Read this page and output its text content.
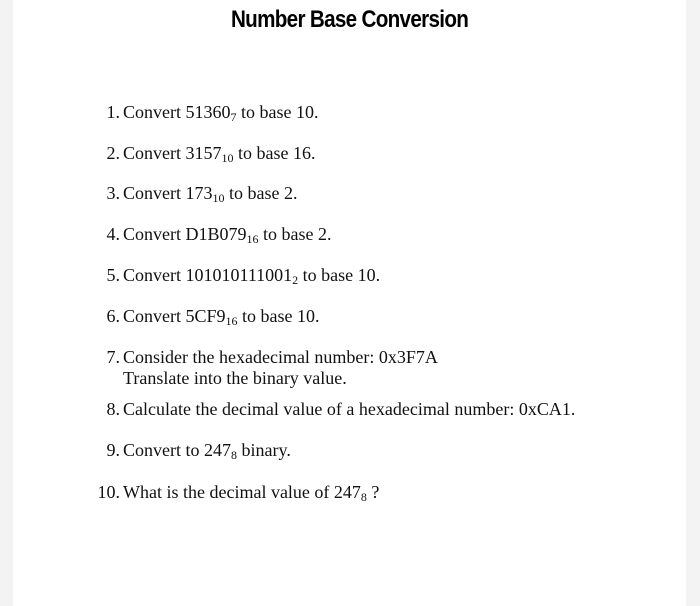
Number Base Conversion
1. Convert $51360_7$ to base 10.
2. Convert $3157_{10}$ to base 16.
3. Convert $173_{10}$ to base 2.
4. Convert $D1B079_{16}$ to base 2.
5. Convert $101010111001_2$ to base 10.
6. Convert $5CF9_{16}$ to base 10.
7. Consider the hexadecimal number: 0x3F7A
Translate into the binary value.
8. Calculate the decimal value of a hexadecimal number: 0xCA1.
9. Convert to $247_8$ binary.
10. What is the decimal value of $247_8$ ?
